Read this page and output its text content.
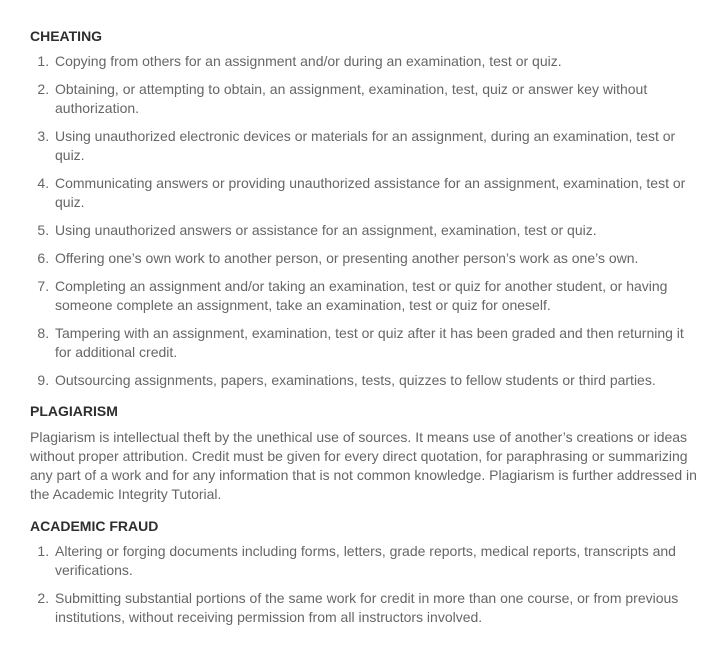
CHEATING
1. Copying from others for an assignment and/or during an examination, test or quiz.
2. Obtaining, or attempting to obtain, an assignment, examination, test, quiz or answer key without authorization.
3. Using unauthorized electronic devices or materials for an assignment, during an examination, test or quiz.
4. Communicating answers or providing unauthorized assistance for an assignment, examination, test or quiz.
5. Using unauthorized answers or assistance for an assignment, examination, test or quiz.
6. Offering one’s own work to another person, or presenting another person’s work as one’s own.
7. Completing an assignment and/or taking an examination, test or quiz for another student, or having someone complete an assignment, take an examination, test or quiz for oneself.
8. Tampering with an assignment, examination, test or quiz after it has been graded and then returning it for additional credit.
9. Outsourcing assignments, papers, examinations, tests, quizzes to fellow students or third parties.
PLAGIARISM

Plagiarism is intellectual theft by the unethical use of sources. It means use of another’s creations or ideas without proper attribution. Credit must be given for every direct quotation, for paraphrasing or summarizing any part of a work and for any information that is not common knowledge. Plagiarism is further addressed in the Academic Integrity Tutorial.

ACADEMIC FRAUD
1. Altering or forging documents including forms, letters, grade reports, medical reports, transcripts and verifications.
2. Submitting substantial portions of the same work for credit in more than one course, or from previous institutions, without receiving permission from all instructors involved.
